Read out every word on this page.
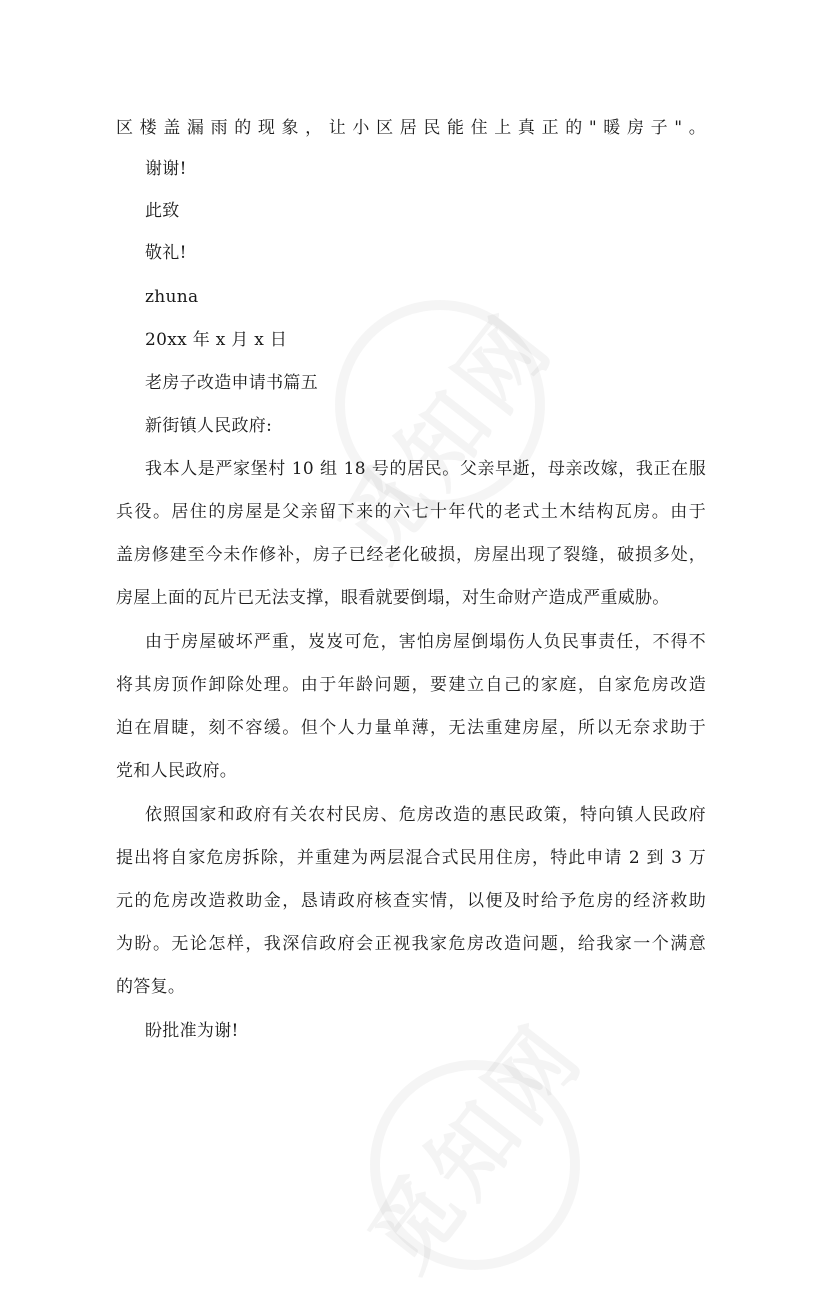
区楼盖漏雨的现象，让小区居民能住上真正的"暖房子"。
谢谢!
此致
敬礼!
zhuna
20xx 年 x 月 x 日
老房子改造申请书篇五
新街镇人民政府:
我本人是严家堡村 10 组 18 号的居民。父亲早逝，母亲改嫁，我正在服
兵役。居住的房屋是父亲留下来的六七十年代的老式土木结构瓦房。由于
盖房修建至今未作修补，房子已经老化破损，房屋出现了裂缝，破损多处，
房屋上面的瓦片已无法支撑，眼看就要倒塌，对生命财产造成严重威胁。
由于房屋破坏严重，岌岌可危，害怕房屋倒塌伤人负民事责任，不得不
将其房顶作卸除处理。由于年龄问题，要建立自己的家庭，自家危房改造
迫在眉睫，刻不容缓。但个人力量单薄，无法重建房屋，所以无奈求助于
党和人民政府。
依照国家和政府有关农村民房、危房改造的惠民政策，特向镇人民政府
提出将自家危房拆除，并重建为两层混合式民用住房，特此申请 2 到 3 万
元的危房改造救助金，恳请政府核查实情，以便及时给予危房的经济救助
为盼。无论怎样，我深信政府会正视我家危房改造问题，给我家一个满意
的答复。
盼批准为谢!
